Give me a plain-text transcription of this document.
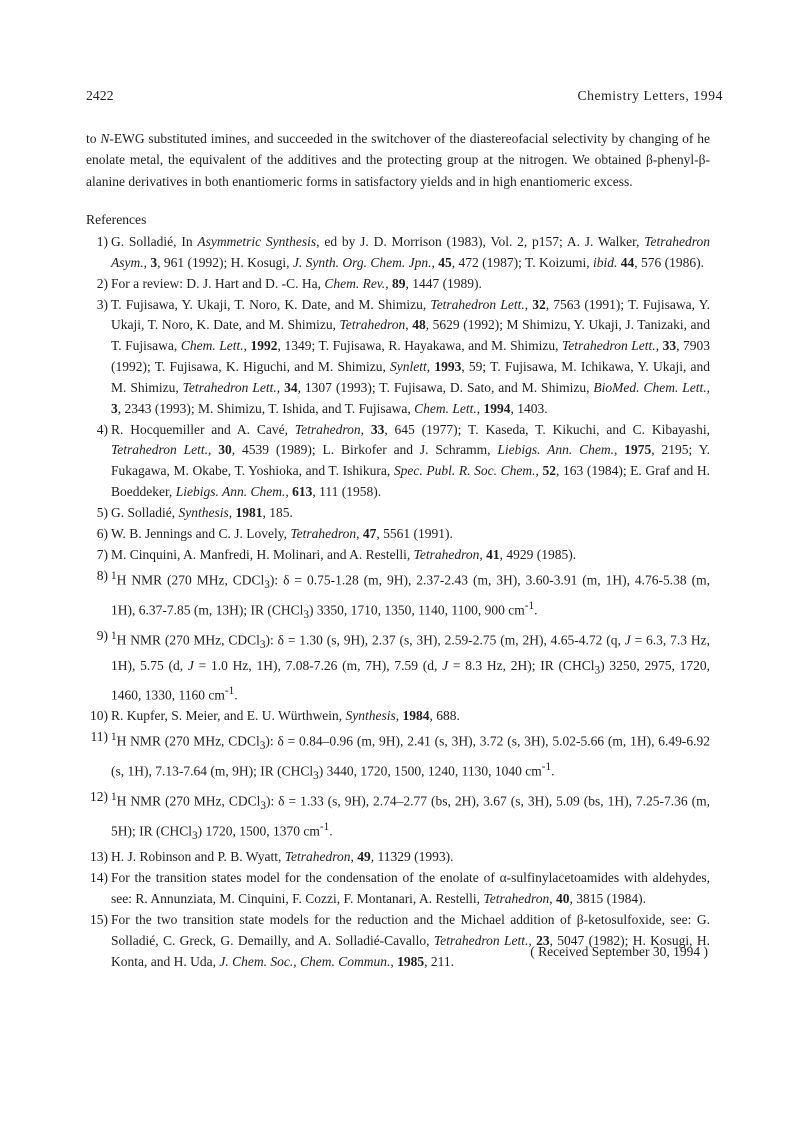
2422	Chemistry Letters, 1994
to N-EWG substituted imines, and succeeded in the switchover of the diastereofacial selectivity by changing of he enolate metal, the equivalent of the additives and the protecting group at the nitrogen. We obtained β-phenyl-β-alanine derivatives in both enantiomeric forms in satisfactory yields and in high enantiomeric excess.
References
1 ) G. Solladié, In Asymmetric Synthesis, ed by J. D. Morrison (1983), Vol. 2, p157; A. J. Walker, Tetrahedron Asym., 3, 961 (1992); H. Kosugi, J. Synth. Org. Chem. Jpn., 45, 472 (1987); T. Koizumi, ibid. 44, 576 (1986).
2 ) For a review: D. J. Hart and D. -C. Ha, Chem. Rev., 89, 1447 (1989).
3 ) T. Fujisawa, Y. Ukaji, T. Noro, K. Date, and M. Shimizu, Tetrahedron Lett., 32, 7563 (1991); T. Fujisawa, Y. Ukaji, T. Noro, K. Date, and M. Shimizu, Tetrahedron, 48, 5629 (1992); M Shimizu, Y. Ukaji, J. Tanizaki, and T. Fujisawa, Chem. Lett., 1992, 1349; T. Fujisawa, R. Hayakawa, and M. Shimizu, Tetrahedron Lett., 33, 7903 (1992); T. Fujisawa, K. Higuchi, and M. Shimizu, Synlett, 1993, 59; T. Fujisawa, M. Ichikawa, Y. Ukaji, and M. Shimizu, Tetrahedron Lett., 34, 1307 (1993); T. Fujisawa, D. Sato, and M. Shimizu, BioMed. Chem. Lett., 3, 2343 (1993); M. Shimizu, T. Ishida, and T. Fujisawa, Chem. Lett., 1994, 1403.
4 ) R. Hocquemiller and A. Cavé, Tetrahedron, 33, 645 (1977); T. Kaseda, T. Kikuchi, and C. Kibayashi, Tetrahedron Lett., 30, 4539 (1989); L. Birkofer and J. Schramm, Liebigs. Ann. Chem., 1975, 2195; Y. Fukagawa, M. Okabe, T. Yoshioka, and T. Ishikura, Spec. Publ. R. Soc. Chem., 52, 163 (1984); E. Graf and H. Boeddeker, Liebigs. Ann. Chem., 613, 111 (1958).
5 ) G. Solladié, Synthesis, 1981, 185.
6 ) W. B. Jennings and C. J. Lovely, Tetrahedron, 47, 5561 (1991).
7 ) M. Cinquini, A. Manfredi, H. Molinari, and A. Restelli, Tetrahedron, 41, 4929 (1985).
8 ) $^1$H NMR (270 MHz, CDCl$_3$): δ = 0.75-1.28 (m, 9H), 2.37-2.43 (m, 3H), 3.60-3.91 (m, 1H), 4.76-5.38 (m, 1H), 6.37-7.85 (m, 13H); IR (CHCl$_3$) 3350, 1710, 1350, 1140, 1100, 900 $cm^{-1}$.
9 ) $^1$H NMR (270 MHz, CDCl$_3$): δ = 1.30 (s, 9H), 2.37 (s, 3H), 2.59-2.75 (m, 2H), 4.65-4.72 (q, J = 6.3, 7.3 Hz, 1H), 5.75 (d, J = 1.0 Hz, 1H), 7.08-7.26 (m, 7H), 7.59 (d, J = 8.3 Hz, 2H); IR (CHCl$_3$) 3250, 2975, 1720, 1460, 1330, 1160 $cm^{-1}$.
10 ) R. Kupfer, S. Meier, and E. U. Würthwein, Synthesis, 1984, 688.
11 ) $^1$H NMR (270 MHz, CDCl$_3$): δ = 0.84–0.96 (m, 9H), 2.41 (s, 3H), 3.72 (s, 3H), 5.02-5.66 (m, 1H), 6.49-6.92 (s, 1H), 7.13-7.64 (m, 9H); IR (CHCl$_3$) 3440, 1720, 1500, 1240, 1130, 1040 $cm^{-1}$.
12 ) $^1$H NMR (270 MHz, CDCl$_3$): δ = 1.33 (s, 9H), 2.74–2.77 (bs, 2H), 3.67 (s, 3H), 5.09 (bs, 1H), 7.25-7.36 (m, 5H); IR (CHCl$_3$) 1720, 1500, 1370 $cm^{-1}$.
13 ) H. J. Robinson and P. B. Wyatt, Tetrahedron, 49, 11329 (1993).
14 ) For the transition states model for the condensation of the enolate of α-sulfinylacetoamides with aldehydes, see: R. Annunziata, M. Cinquini, F. Cozzi, F. Montanari, A. Restelli, Tetrahedron, 40, 3815 (1984).
15 ) For the two transition state models for the reduction and the Michael addition of β-ketosulfoxide, see: G. Solladié, C. Greck, G. Demailly, and A. Solladié-Cavallo, Tetrahedron Lett., 23, 5047 (1982); H. Kosugi, H. Konta, and H. Uda, J. Chem. Soc., Chem. Commun., 1985, 211.
( Received September 30, 1994 )
